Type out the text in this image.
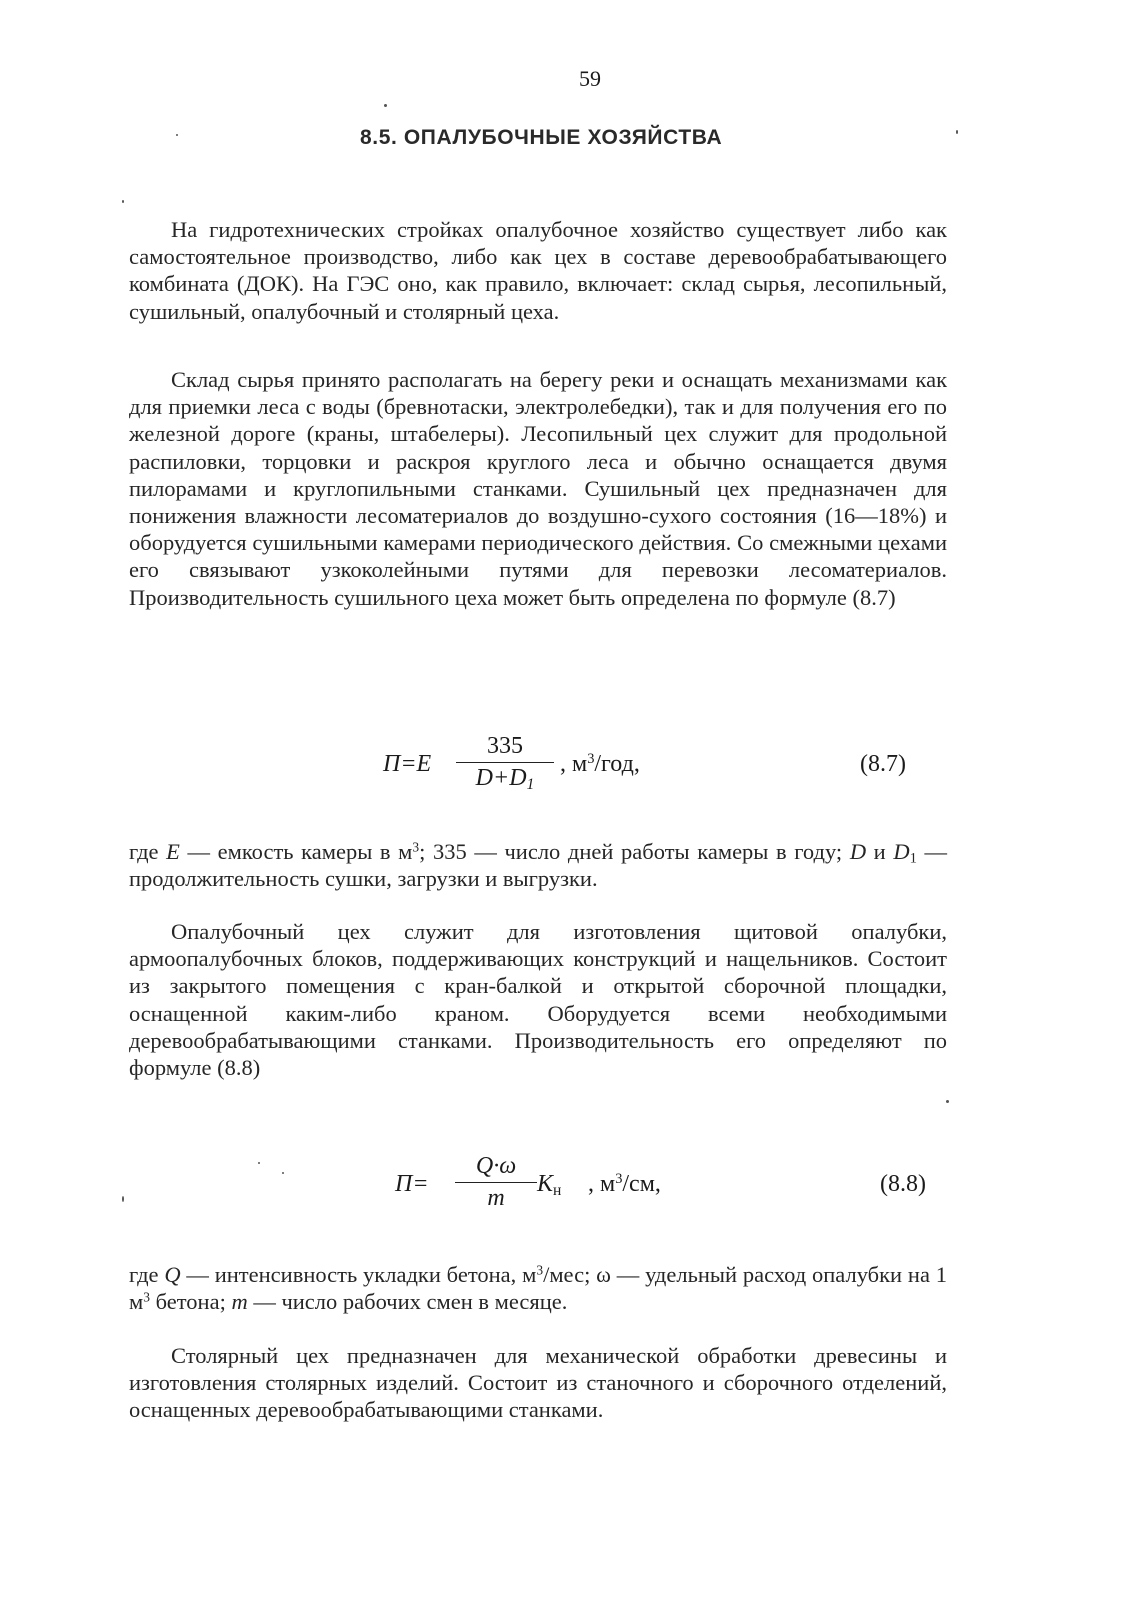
59
8.5. ОПАЛУБОЧНЫЕ ХОЗЯЙСТВА

На гидротехнических стройках опалубочное хозяйство существует либо как самостоятельное производство, либо как цех в составе деревообрабатывающего комбината (ДОК). На ГЭС оно, как правило, включает: склад сырья, лесопильный, сушильный, опалубочный и столярный цеха.

Склад сырья принято располагать на берегу реки и оснащать механизмами как для приемки леса с воды (бревнотаски, электролебедки), так и для получения его по железной дороге (краны, штабелеры). Лесопильный цех служит для продольной распиловки, торцовки и раскроя круглого леса и обычно оснащается двумя пилорамами и круглопильными станками. Сушильный цех предназначен для понижения влажности лесоматериалов до воздушно-сухого состояния (16—18%) и оборудуется сушильными камерами периодического действия. Со смежными цехами его связывают узкоколейными путями для перевозки лесоматериалов. Производительность сушильного цеха может быть определена по формуле (8.7)

$П=E \frac{335}{D+D_1}$ , $м^3$/год,	(8.7)

где E — емкость камеры в $м^3$; 335 — число дней работы камеры в году; D и $D_1$ — продолжительность сушки, загрузки и выгрузки.

Опалубочный цех служит для изготовления щитовой опалубки, армоопалубочных блоков, поддерживающих конструкций и нащельников. Состоит из закрытого помещения с кран-балкой и открытой сборочной площадки, оснащенной каким-либо краном. Оборудуется всеми необходимыми деревообрабатывающими станками. Производительность его определяют по формуле (8.8)

$П= \frac{Q\cdot\omega}{m} K_н$ , $м^3/см$,	(8.8)

где Q — интенсивность укладки бетона, $м^3$/мес; ω — удельный расход опалубки на 1 $м^3$ бетона; m — число рабочих смен в месяце.

Столярный цех предназначен для механической обработки древесины и изготовления столярных изделий. Состоит из станочного и сборочного отделений, оснащенных деревообрабатывающими станками.
